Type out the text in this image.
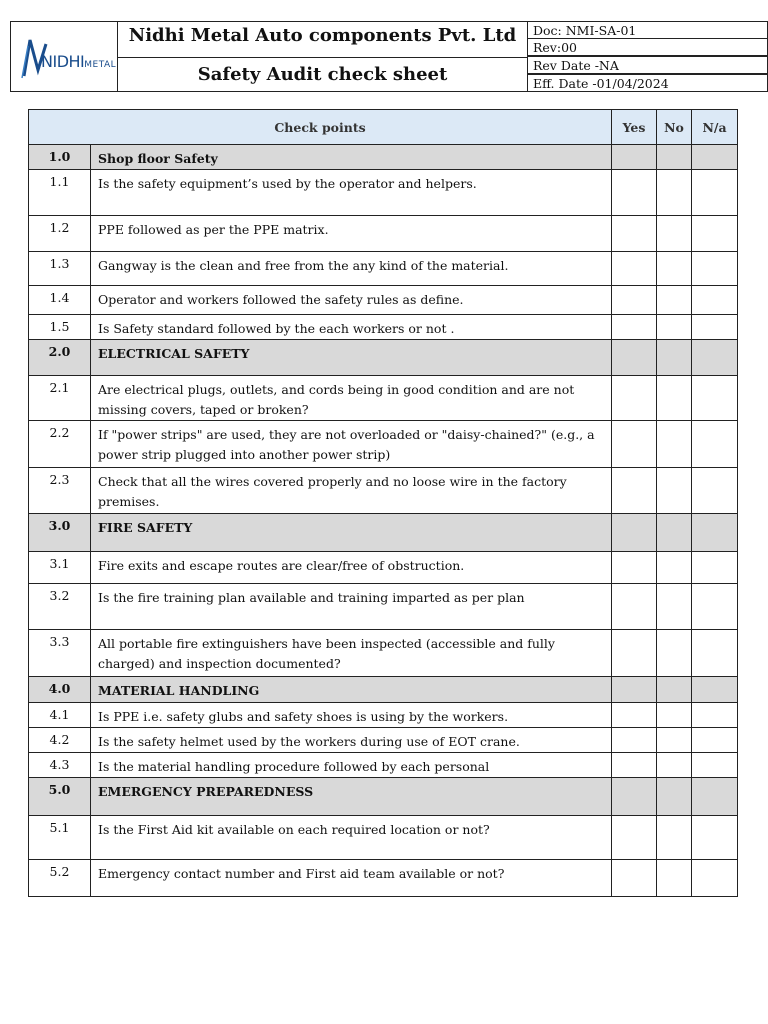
NIDHIMETAL
Nidhi Metal Auto components Pvt. Ltd
Safety Audit check sheet
Doc: NMI-SA-01
Rev:00
Rev Date -NA
Eff. Date -01/04/2024
Check points		Yes	No	N/a
1.0	Shop floor Safety			
1.1	Is the safety equipment’s used by the operator and helpers.			
1.2	PPE followed as per the PPE matrix.			
1.3	Gangway is the clean and free from the any kind of the material.			
1.4	Operator and workers followed the safety rules as define.			
1.5	Is Safety standard followed by the each workers or not .			
2.0	ELECTRICAL SAFETY			
2.1	Are electrical plugs, outlets, and cords being in good condition and are not missing covers, taped or broken?			
2.2	If "power strips" are used, they are not overloaded or "daisy-chained?" (e.g., a power strip plugged into another power strip)			
2.3	Check that all the wires covered properly and no loose wire in the factory premises.			
3.0	FIRE SAFETY			
3.1	Fire exits and escape routes are clear/free of obstruction.			
3.2	Is the fire training plan available and training imparted as per plan			
3.3	All portable fire extinguishers have been inspected (accessible and fully charged) and inspection documented?			
4.0	MATERIAL HANDLING			
4.1	Is PPE i.e. safety glubs and safety shoes is using by the workers.			
4.2	Is the safety helmet used by the workers during use of EOT crane.			
4.3	Is the material handling procedure followed by each personal			
5.0	EMERGENCY PREPAREDNESS			
5.1	Is the First Aid kit available on each required location or not?			
5.2	Emergency contact number and First aid team available or not?			
